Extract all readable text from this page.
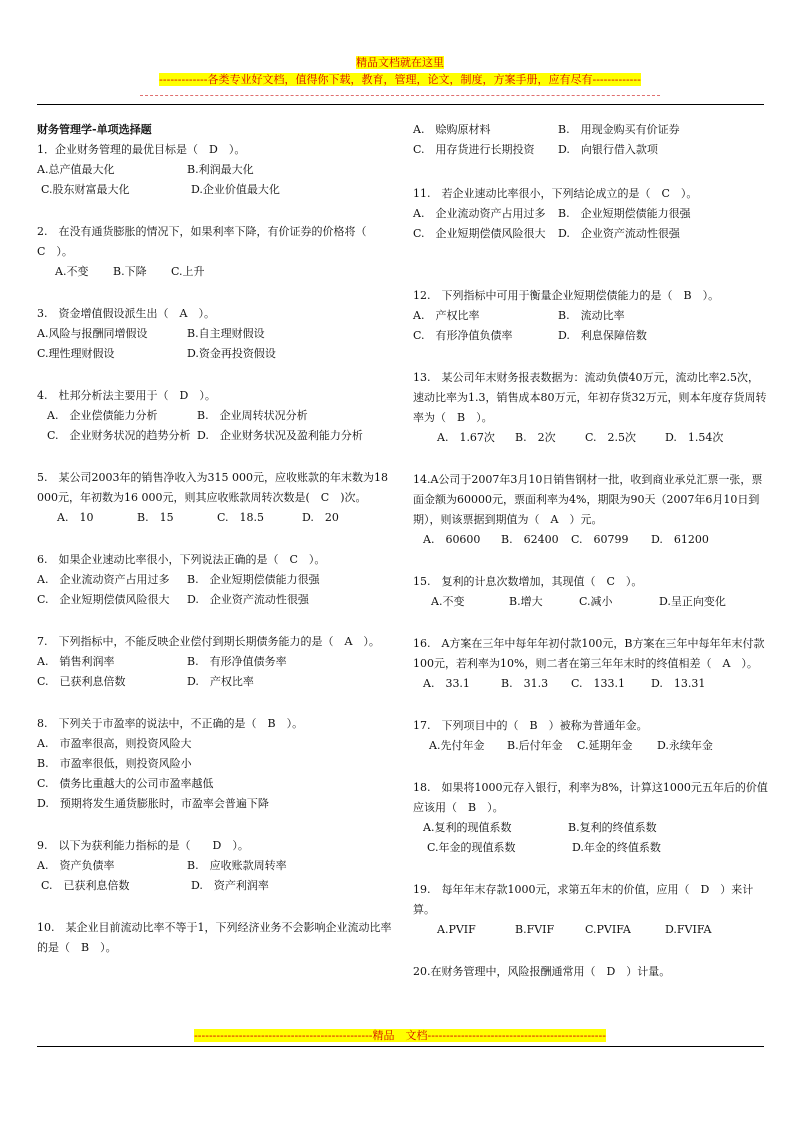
精品文档就在这里
-------------各类专业好文档，值得你下载，教育，管理，论文，制度，方案手册，应有尽有-------------

财务管理学-单项选择题

1．企业财务管理的最优目标是（　D　）。

A.总产值最大化	B.利润最大化
C.股东财富最大化	D.企业价值最大化

2.　在没有通货膨胀的情况下，如果利率下降，有价证券的价格将（　C　）。

A.不变	B.下降	C.上升

3.　资金增值假设派生出（　A　）。

A.风险与报酬同增假设	B.自主理财假设
C.理性理财假设	D.资金再投资假设

4.　杜邦分析法主要用于（　D　）。

A.　企业偿债能力分析	B.　企业周转状况分析
C.　企业财务状况的趋势分析 D.　企业财务状况及盈利能力分析

5.　某公司2003年的销售净收入为315 000元，应收账款的年末数为18 000元，年初数为16 000元，则其应收账款周转次数是(　C　)次。

A.　10	B.　15	C.　18.5	D.　20

6.　如果企业速动比率很小，下列说法正确的是（　C　）。

A.　企业流动资产占用过多	B.　企业短期偿债能力很强
C.　企业短期偿债风险很大	D.　企业资产流动性很强

7.　下列指标中，不能反映企业偿付到期长期债务能力的是（　A　）。

A.　销售利润率	B.　有形净值债务率
C.　已获利息倍数	D.　产权比率

8.　下列关于市盈率的说法中，不正确的是（　B　）。

A.　市盈率很高，则投资风险大
B.　市盈率很低，则投资风险小
C.　债务比重越大的公司市盈率越低
D.　预期将发生通货膨胀时，市盈率会普遍下降

9.　以下为获利能力指标的是（　　D　）。

A.　资产负债率	B.　应收账款周转率
C.　已获利息倍数	D.　资产利润率

10.　某企业目前流动比率不等于1，下列经济业务不会影响企业流动比率的是（　B　）。

A.　赊购原材料	B.　用现金购买有价证券
C.　用存货进行长期投资	D.　向银行借入款项

11.　若企业速动比率很小，下列结论成立的是（　C　）。

A.　企业流动资产占用过多	B.　企业短期偿债能力很强
C.　企业短期偿债风险很大	D.　企业资产流动性很强

12.　下列指标中可用于衡量企业短期偿债能力的是（　B　）。

A.　产权比率	B.　流动比率
C.　有形净值负债率	D.　利息保障倍数

13.　某公司年末财务报表数据为：流动负债40万元，流动比率2.5次，速动比率为1.3，销售成本80万元，年初存货32万元，则本年度存货周转率为（　B　）。

A.　1.67次	B.　2次	C.　2.5次	D.　1.54次

14.A公司于2007年3月10日销售钢材一批，收到商业承兑汇票一张，票面金额为60000元，票面利率为4%，期限为90天（2007年6月10日到期），则该票据到期值为（　A　）元。

A.　60600	B.　62400	C.　60799	D.　61200

15.　复利的计息次数增加，其现值（　C　）。

A.不变	B.增大	C.减小	D.呈正向变化

16.　A方案在三年中每年年初付款100元，B方案在三年中每年年末付款100元，若利率为10%，则二者在第三年年末时的终值相差（　A　）。

A.　33.1	B.　31.3	C.　133.1	D.　13.31

17.　下列项目中的（　B　）被称为普通年金。

A.先付年金	B.后付年金	C.延期年金	D.永续年金

18.　如果将1000元存入银行，利率为8%，计算这1000元五年后的价值应该用（　B　）。

A.复利的现值系数	B.复利的终值系数
C.年金的现值系数	D.年金的终值系数

19.　每年年末存款1000元，求第五年末的价值，应用（　D　）来计算。

A.PVIF	B.FVIF	C.PVIFA	D.FVIFA

20.在财务管理中，风险报酬通常用（　D　）计量。

------------------------------------------------精品　文档------------------------------------------------
